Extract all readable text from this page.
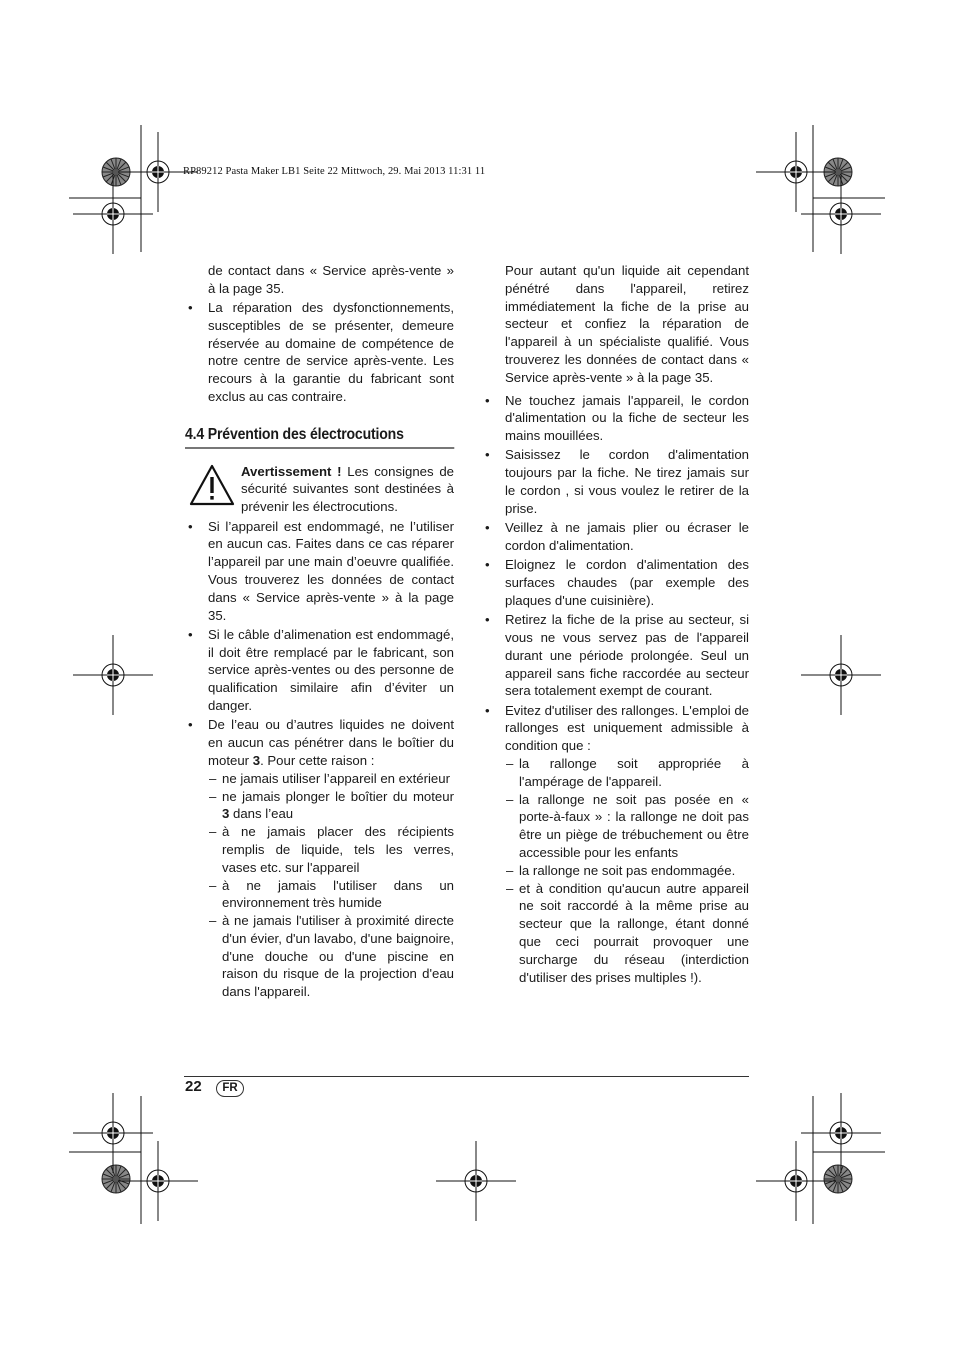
RP89212 Pasta Maker LB1 Seite 22 Mittwoch, 29. Mai 2013 11:31 11

de contact dans « Service après-vente » à la page 35.

• La réparation des dysfonctionnements, susceptibles de se présenter, demeure réservée au domaine de compétence de notre centre de service après-vente. Les recours à la garantie du fabricant sont exclus au cas contraire.

4.4 Prévention des électrocutions
Avertissement ! Les consignes de sécurité suivantes sont destinées à prévenir les électrocutions.

• Si l’appareil est endommagé, ne l’utiliser en aucun cas. Faites dans ce cas réparer l’appareil par une main d’oeuvre qualifiée. Vous trouverez les données de contact dans « Service après-vente » à la page 35.

• Si le câble d’alimenation est endommagé, il doit être remplacé par le fabricant, son service après-ventes ou des personne de qualification similaire afin d’éviter un danger.

• De l’eau ou d’autres liquides ne doivent en aucun cas pénétrer dans le boîtier du moteur 3. Pour cette raison :

– ne jamais utiliser l’appareil en extérieur

– ne jamais plonger le boîtier du moteur 3 dans l’eau

– à ne jamais placer des récipients remplis de liquide, tels les verres, vases etc. sur l'appareil

– à ne jamais l'utiliser dans un environnement très humide

– à ne jamais l'utiliser à proximité directe d'un évier, d'un lavabo, d'une baignoire, d'une douche ou d'une piscine en raison du risque de la projection d'eau dans l'appareil.

Pour autant qu'un liquide ait cependant pénétré dans l'appareil, retirez immédiatement la fiche de la prise au secteur et confiez la réparation de l'appareil à un spécialiste qualifié. Vous trouverez les données de contact dans « Service après-vente » à la page 35.

• Ne touchez jamais l'appareil, le cordon d'alimentation ou la fiche de secteur les mains mouillées.

• Saisissez le cordon d'alimentation toujours par la fiche. Ne tirez jamais sur le cordon , si vous voulez le retirer de la prise.

• Veillez à ne jamais plier ou écraser le cordon d'alimentation.

• Eloignez le cordon d'alimentation des surfaces chaudes (par exemple des plaques d'une cuisinière).

• Retirez la fiche de la prise au secteur, si vous ne vous servez pas de l'appareil durant une période prolongée. Seul un appareil sans fiche raccordée au secteur sera totalement exempt de courant.

• Evitez d'utiliser des rallonges. L'emploi de rallonges est uniquement admissible à condition que :

– la rallonge soit appropriée à l'ampérage de l'appareil.

– la rallonge ne soit pas posée en « porte-à-faux » : la rallonge ne doit pas être un piège de trébuchement ou être accessible pour les enfants

– la rallonge ne soit pas endommagée.

– et à condition qu'aucun autre appareil ne soit raccordé à la même prise au secteur que la rallonge, étant donné que ceci pourrait provoquer une surcharge du réseau (interdiction d'utiliser des prises multiples !).

22	FR
